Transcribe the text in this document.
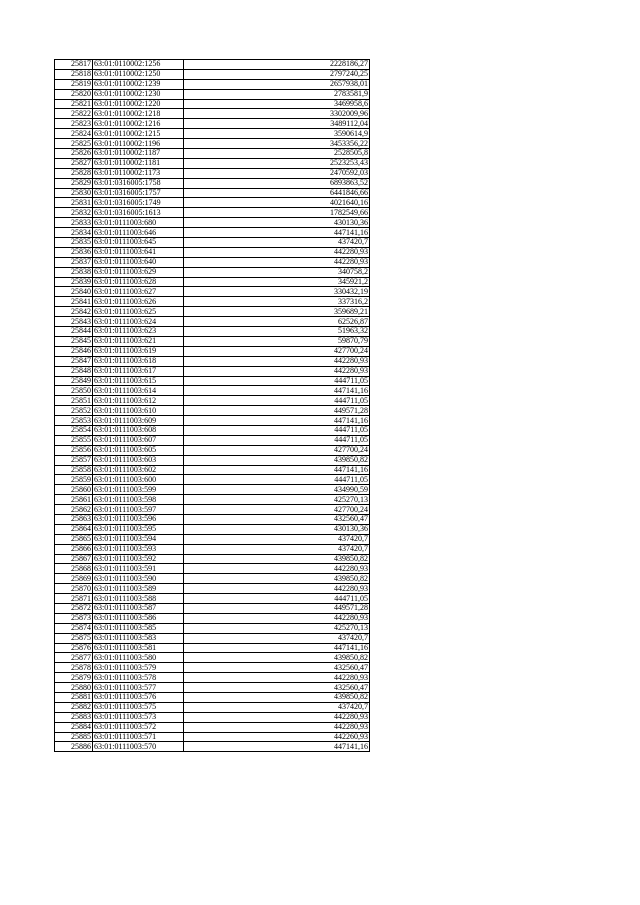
25817	63:01:0110002:1256	2228186,27
25818	63:01:0110002:1250	2797240,25
25819	63:01:0110002:1239	2657938,01
25820	63:01:0110002:1230	2783581,9
25821	63:01:0110002:1220	3469958,6
25822	63:01:0110002:1218	3302009,96
25823	63:01:0110002:1216	3489112,04
25824	63:01:0110002:1215	3590614,9
25825	63:01:0110002:1196	3453356,22
25826	63:01:0110002:1187	2528505,8
25827	63:01:0110002:1181	2523253,43
25828	63:01:0110002:1173	2470592,03
25829	63:01:0316005:1758	6893863,52
25830	63:01:0316005:1757	6441846,66
25831	63:01:0316005:1749	4021640,16
25832	63:01:0316005:1613	1782549,66
25833	63:01:0111003:680	430130,36
25834	63:01:0111003:646	447141,16
25835	63:01:0111003:645	437420,7
25836	63:01:0111003:641	442280,93
25837	63:01:0111003:640	442280,93
25838	63:01:0111003:629	340758,2
25839	63:01:0111003:628	345921,2
25840	63:01:0111003:627	330432,19
25841	63:01:0111003:626	337316,2
25842	63:01:0111003:625	359689,21
25843	63:01:0111003:624	62526,87
25844	63:01:0111003:623	51963,32
25845	63:01:0111003:621	59870,79
25846	63:01:0111003:619	427700,24
25847	63:01:0111003:618	442280,93
25848	63:01:0111003:617	442280,93
25849	63:01:0111003:615	444711,05
25850	63:01:0111003:614	447141,16
25851	63:01:0111003:612	444711,05
25852	63:01:0111003:610	449571,28
25853	63:01:0111003:609	447141,16
25854	63:01:0111003:608	444711,05
25855	63:01:0111003:607	444711,05
25856	63:01:0111003:605	427700,24
25857	63:01:0111003:603	439850,82
25858	63:01:0111003:602	447141,16
25859	63:01:0111003:600	444711,05
25860	63:01:0111003:599	434990,59
25861	63:01:0111003:598	425270,13
25862	63:01:0111003:597	427700,24
25863	63:01:0111003:596	432560,47
25864	63:01:0111003:595	430130,36
25865	63:01:0111003:594	437420,7
25866	63:01:0111003:593	437420,7
25867	63:01:0111003:592	439850,82
25868	63:01:0111003:591	442280,93
25869	63:01:0111003:590	439850,82
25870	63:01:0111003:589	442280,93
25871	63:01:0111003:588	444711,05
25872	63:01:0111003:587	449571,28
25873	63:01:0111003:586	442280,93
25874	63:01:0111003:585	425270,13
25875	63:01:0111003:583	437420,7
25876	63:01:0111003:581	447141,16
25877	63:01:0111003:580	439850,82
25878	63:01:0111003:579	432560,47
25879	63:01:0111003:578	442280,93
25880	63:01:0111003:577	432560,47
25881	63:01:0111003:576	439850,82
25882	63:01:0111003:575	437420,7
25883	63:01:0111003:573	442280,93
25884	63:01:0111003:572	442280,93
25885	63:01:0111003:571	442260,93
25886	63:01:0111003:570	447141,16
